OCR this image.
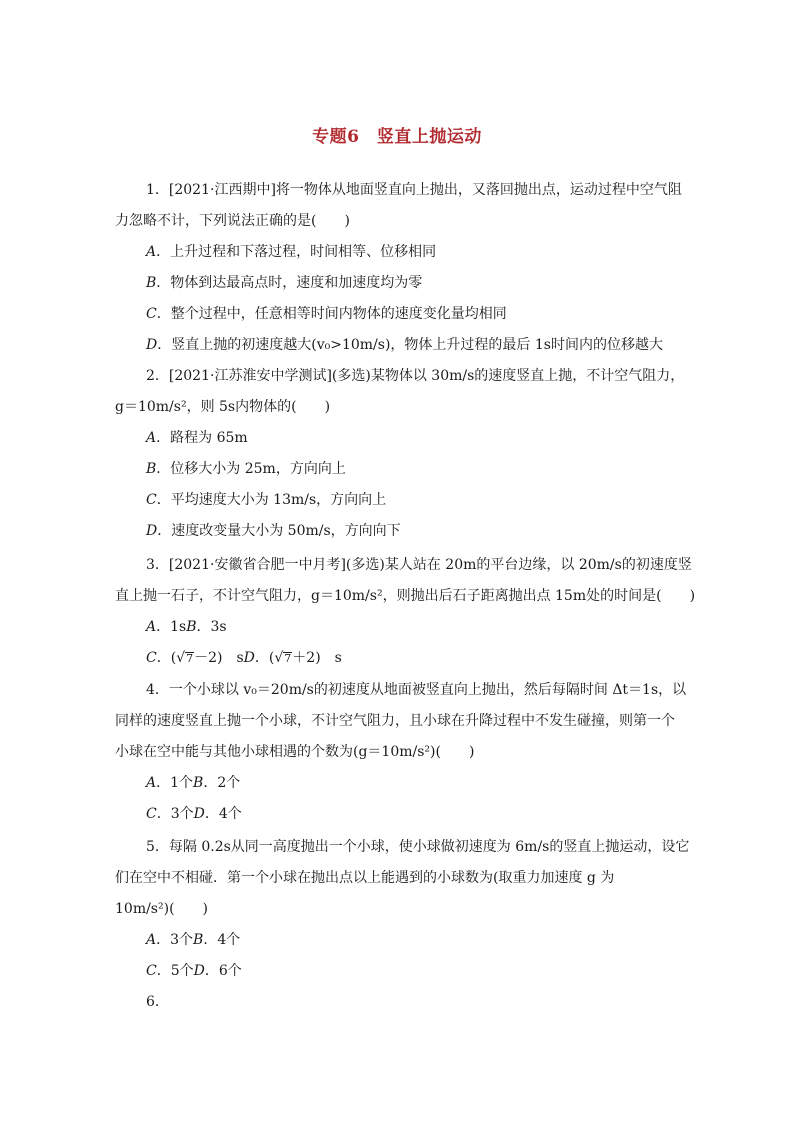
专题6　竖直上抛运动
1．[2021·江西期中]将一物体从地面竖直向上抛出，又落回抛出点，运动过程中空气阻
力忽略不计，下列说法正确的是(　　)
A．上升过程和下落过程，时间相等、位移相同
B．物体到达最高点时，速度和加速度均为零
C．整个过程中，任意相等时间内物体的速度变化量均相同
D．竖直上抛的初速度越大(v₀>10m/s)，物体上升过程的最后 1s时间内的位移越大
2．[2021·江苏淮安中学测试](多选)某物体以 30m/s的速度竖直上抛，不计空气阻力，
g＝10m/s²，则 5s内物体的(　　)
A．路程为 65m
B．位移大小为 25m，方向向上
C．平均速度大小为 13m/s，方向向上
D．速度改变量大小为 50m/s，方向向下
3．[2021·安徽省合肥一中月考](多选)某人站在 20m的平台边缘，以 20m/s的初速度竖
直上抛一石子，不计空气阻力，g＝10m/s²，则抛出后石子距离抛出点 15m处的时间是(　　)
A．1sB．3s
C．(√7－2)　sD．(√7＋2)　s
4．一个小球以 v₀＝20m/s的初速度从地面被竖直向上抛出，然后每隔时间 Δt＝1s，以
同样的速度竖直上抛一个小球，不计空气阻力，且小球在升降过程中不发生碰撞，则第一个
小球在空中能与其他小球相遇的个数为(g＝10m/s²)(　　)
A．1个B．2个
C．3个D．4个
5．每隔 0.2s从同一高度抛出一个小球，使小球做初速度为 6m/s的竖直上抛运动，设它
们在空中不相碰．第一个小球在抛出点以上能遇到的小球数为(取重力加速度 g 为
10m/s²)(　　)
A．3个B．4个
C．5个D．6个
6.
